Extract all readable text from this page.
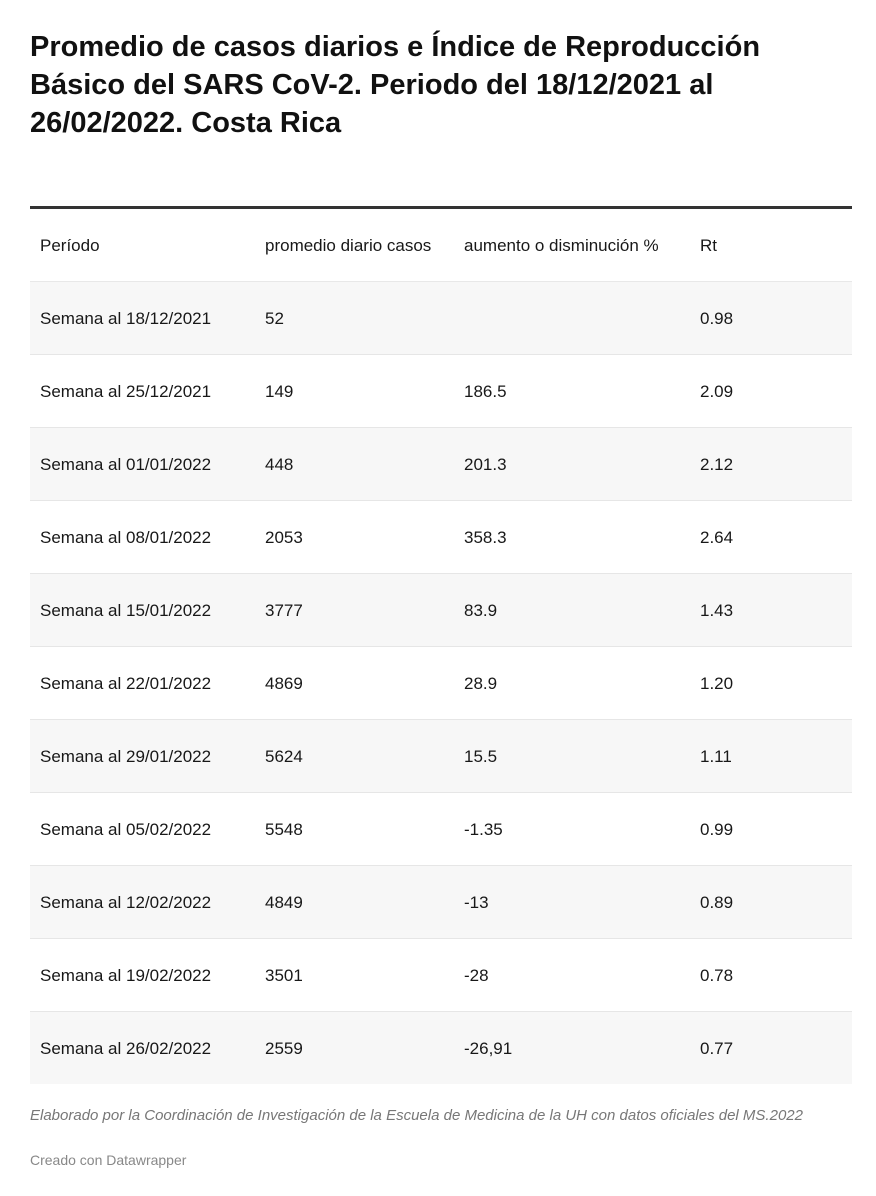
Promedio de casos diarios e Índice de Reproducción Básico del SARS CoV-2. Periodo del 18/12/2021 al 26/02/2022. Costa Rica
Período	promedio diario casos	aumento o disminución %	Rt
Semana al 18/12/2021	52		0.98
Semana al 25/12/2021	149	186.5	2.09
Semana al 01/01/2022	448	201.3	2.12
Semana al 08/01/2022	2053	358.3	2.64
Semana al 15/01/2022	3777	83.9	1.43
Semana al 22/01/2022	4869	28.9	1.20
Semana al 29/01/2022	5624	15.5	1.11
Semana al 05/02/2022	5548	-1.35	0.99
Semana al 12/02/2022	4849	-13	0.89
Semana al 19/02/2022	3501	-28	0.78
Semana al 26/02/2022	2559	-26,91	0.77
Elaborado por la Coordinación de Investigación de la Escuela de Medicina de la UH con datos oficiales del MS.2022
Creado con Datawrapper
